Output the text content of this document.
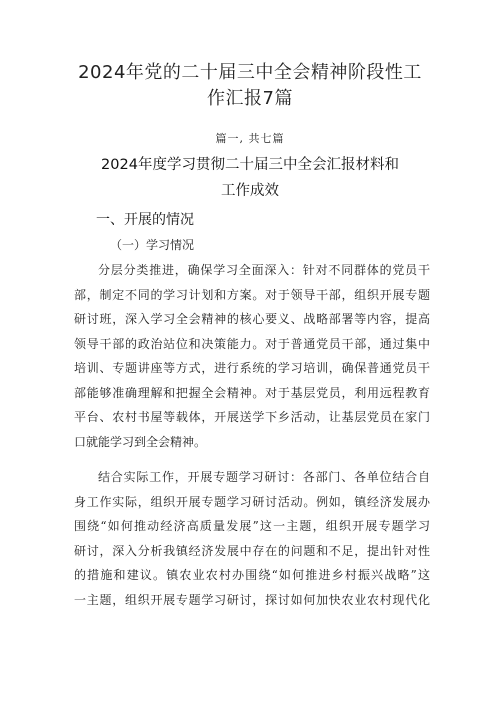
2024年党的二十届三中全会精神阶段性工
作汇报7篇
篇一, 共七篇
2024年度学习贯彻二十届三中全会汇报材料和
工作成效
一、开展的情况
（一）学习情况
分层分类推进，确保学习全面深入：针对不同群体的党员干
部，制定不同的学习计划和方案。对于领导干部，组织开展专题
研讨班，深入学习全会精神的核心要义、战略部署等内容，提高
领导干部的政治站位和决策能力。对于普通党员干部，通过集中
培训、专题讲座等方式，进行系统的学习培训，确保普通党员干
部能够准确理解和把握全会精神。对于基层党员，利用远程教育
平台、农村书屋等载体，开展送学下乡活动，让基层党员在家门
口就能学习到全会精神。
结合实际工作，开展专题学习研讨：各部门、各单位结合自
身工作实际，组织开展专题学习研讨活动。例如，镇经济发展办
围绕“如何推动经济高质量发展”这一主题，组织开展专题学习
研讨，深入分析我镇经济发展中存在的问题和不足，提出针对性
的措施和建议。镇农业农村办围绕“如何推进乡村振兴战略”这
一主题，组织开展专题学习研讨，探讨如何加快农业农村现代化
